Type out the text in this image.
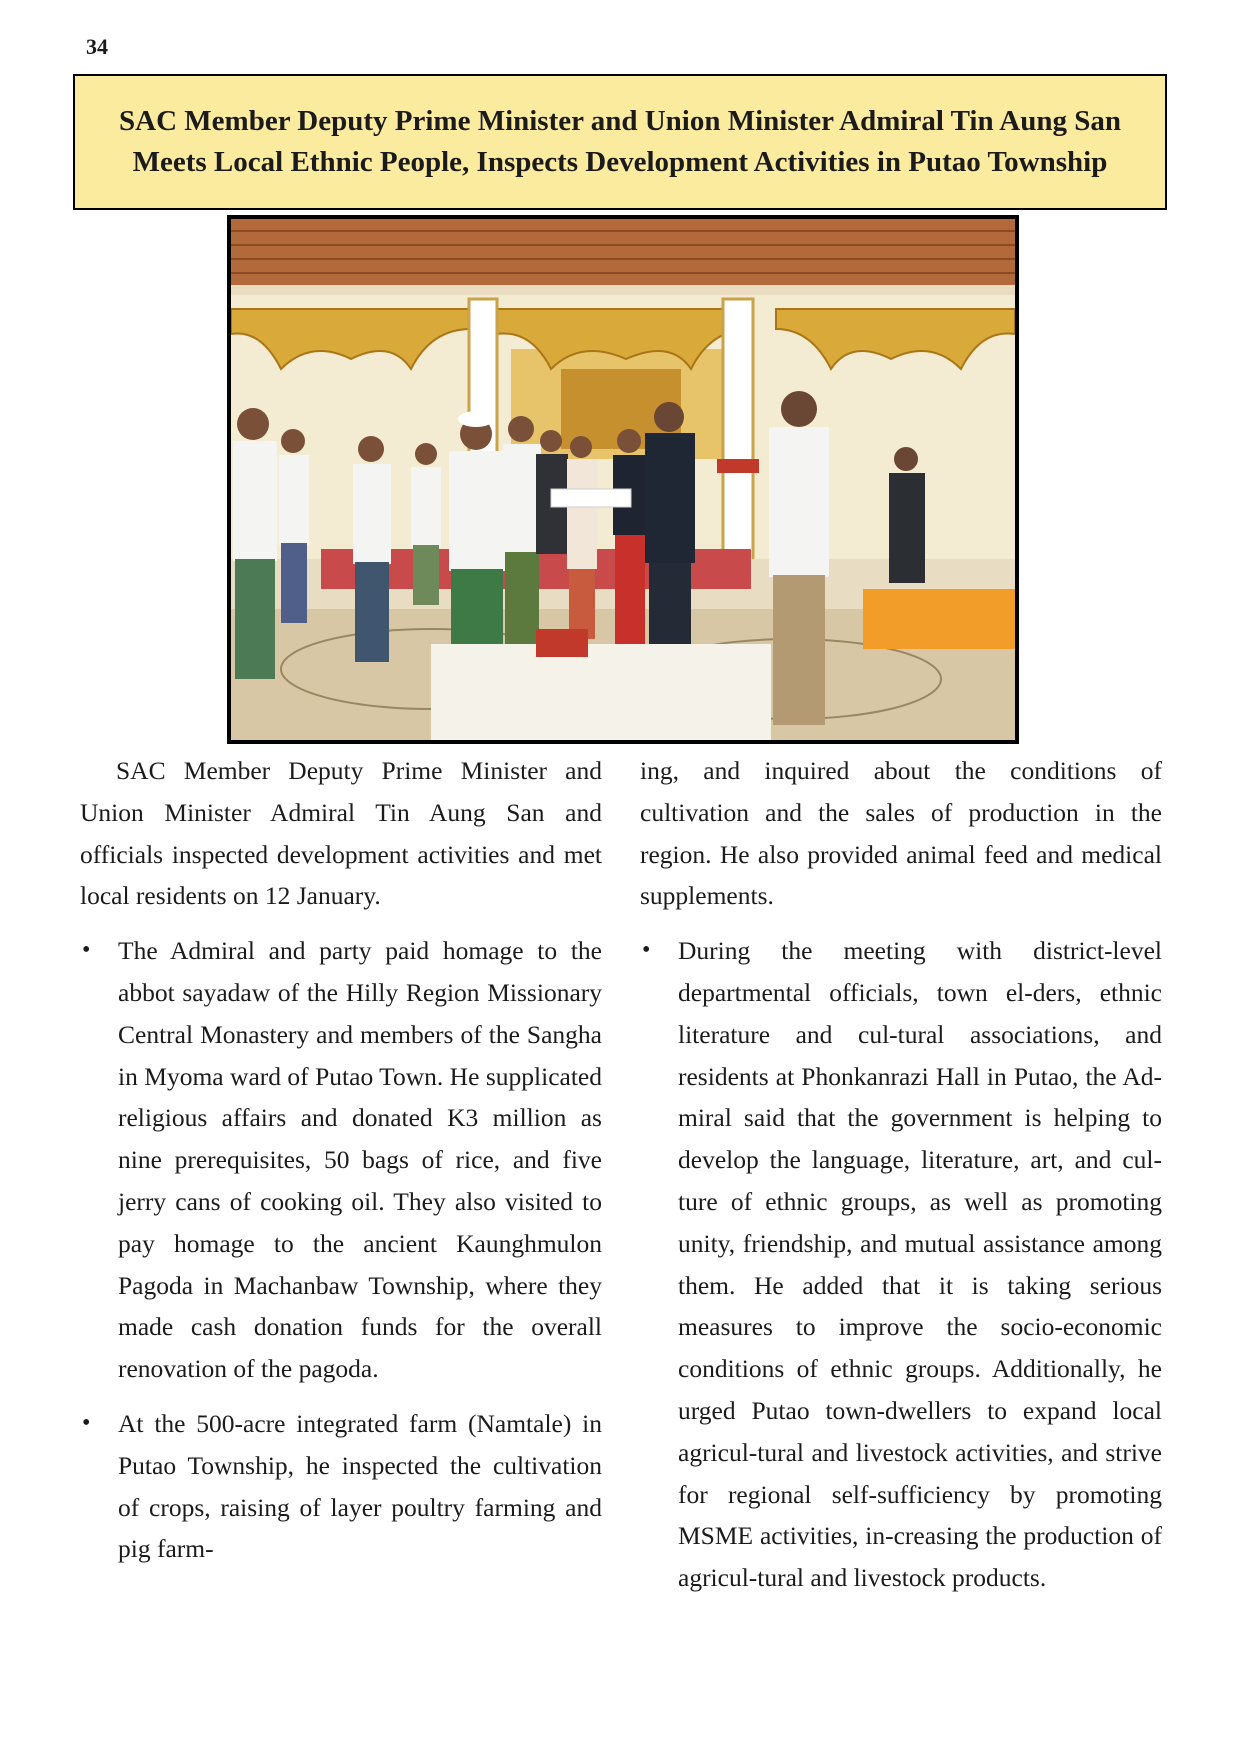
34
SAC Member Deputy Prime Minister and Union Minister Admiral Tin Aung San Meets Local Ethnic People, Inspects Development Activities in Putao Township

SAC Member Deputy Prime Minister and Union Minister Admiral Tin Aung San and officials inspected development activities and met local residents on 12 January.

• The Admiral and party paid homage to the abbot sayadaw of the Hilly Region Missionary Central Monastery and members of the Sangha in Myoma ward of Putao Town. He supplicated religious affairs and donated K3 million as nine prerequisites, 50 bags of rice, and five jerry cans of cooking oil. They also visited to pay homage to the ancient Kaunghmulon Pagoda in Machanbaw Township, where they made cash donation funds for the overall renovation of the pagoda.
• At the 500-acre integrated farm (Namtale) in Putao Township, he inspected the cultivation of crops, raising of layer poultry farming and pig farm-

ing, and inquired about the conditions of cultivation and the sales of production in the region. He also provided animal feed and medical supplements.

• During the meeting with district-level departmental officials, town el-ders, ethnic literature and cul-tural associations, and residents at Phonkanrazi Hall in Putao, the Ad-miral said that the government is helping to develop the language, literature, art, and cul-ture of ethnic groups, as well as promoting unity, friendship, and mutual assistance among them. He added that it is taking serious measures to improve the socio-economic conditions of ethnic groups. Additionally, he urged Putao town-dwellers to expand local agricul-tural and livestock activities, and strive for regional self-sufficiency by promoting MSME activities, in-creasing the production of agricul-tural and livestock products.
